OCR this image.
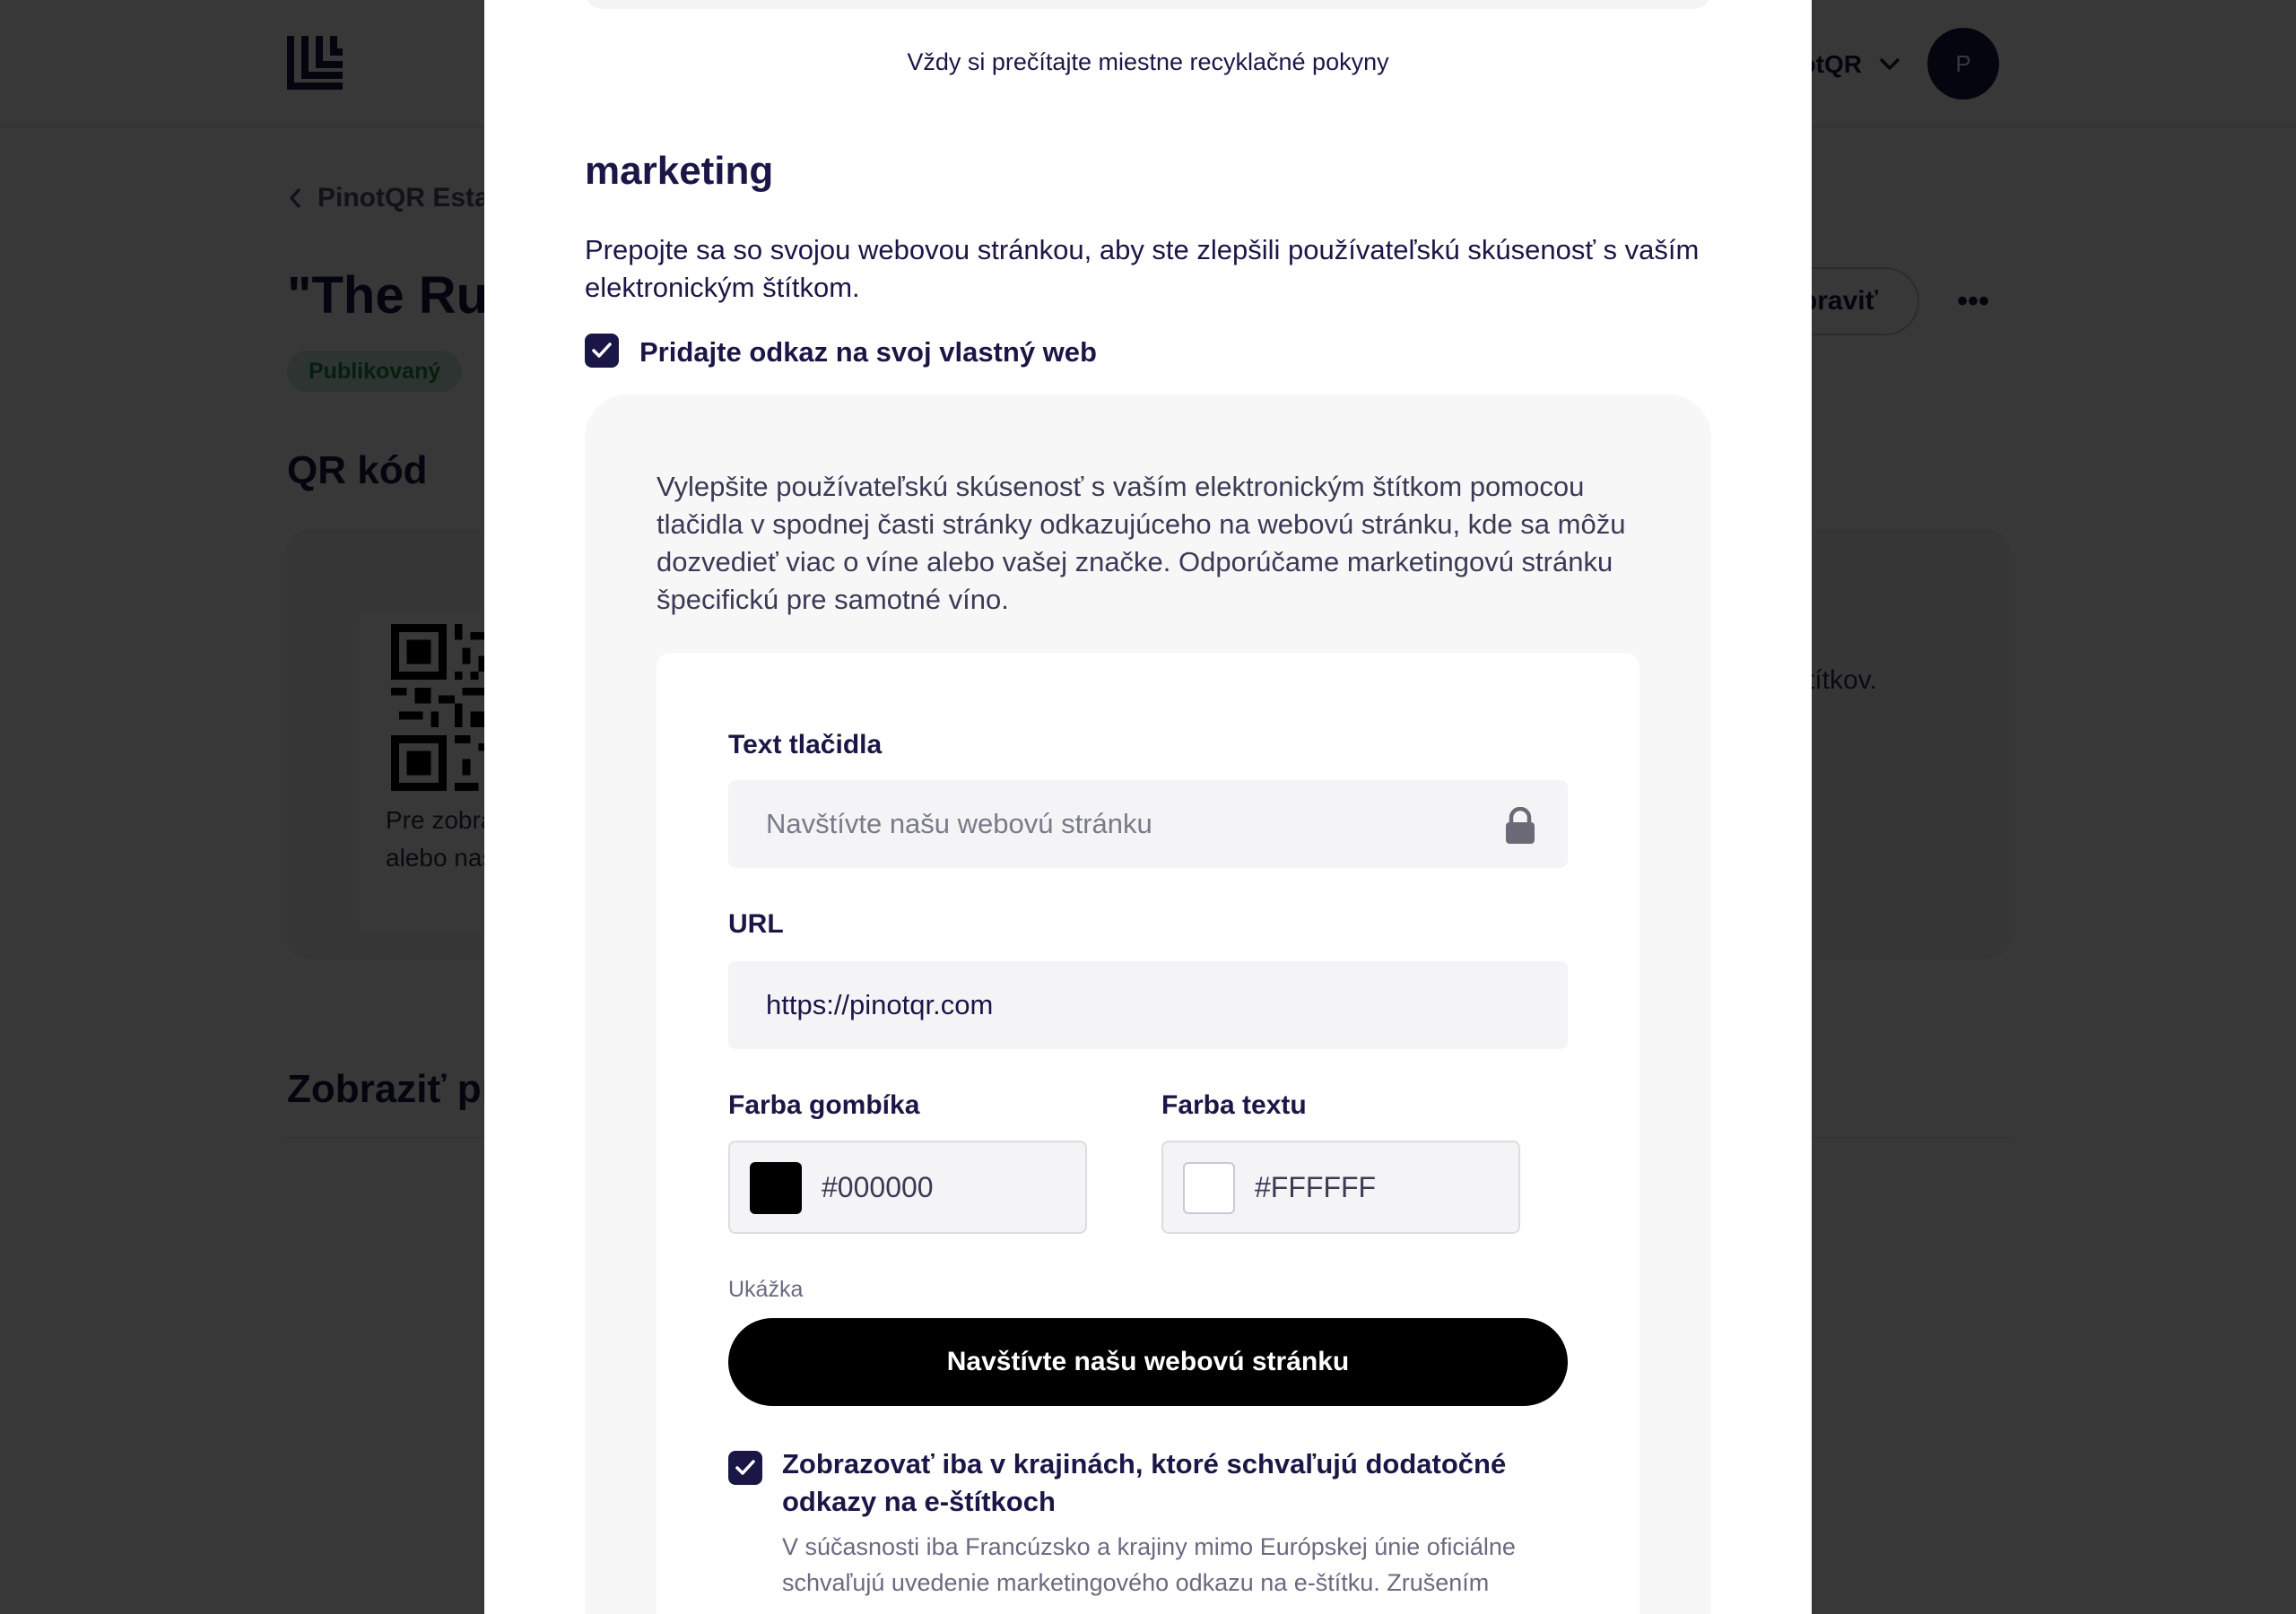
Vždy si prečítajte miestne recyklačné pokyny
marketing
Prepojte sa so svojou webovou stránkou, aby ste zlepšili používateľskú skúsenosť s vaším elektronickým štítkom.
Pridajte odkaz na svoj vlastný web
Vylepšite používateľskú skúsenosť s vaším elektronickým štítkom pomocou tlačidla v spodnej časti stránky odkazujúceho na webovú stránku, kde sa môžu dozvedieť viac o víne alebo vašej značke. Odporúčame marketingovú stránku špecifickú pre samotné víno.
Text tlačidla
Navštívte našu webovú stránku
URL
https://pinotqr.com
Farba gombíka
#000000
Farba textu
#FFFFFF
Ukážka
Navštívte našu webovú stránku
Zobrazovať iba v krajinách, ktoré schvaľujú dodatočné odkazy na e-štítkoch
V súčasnosti iba Francúzsko a krajiny mimo Európskej únie oficiálne schvaľujú uvedenie marketingového odkazu na e-štítku. Zrušením
